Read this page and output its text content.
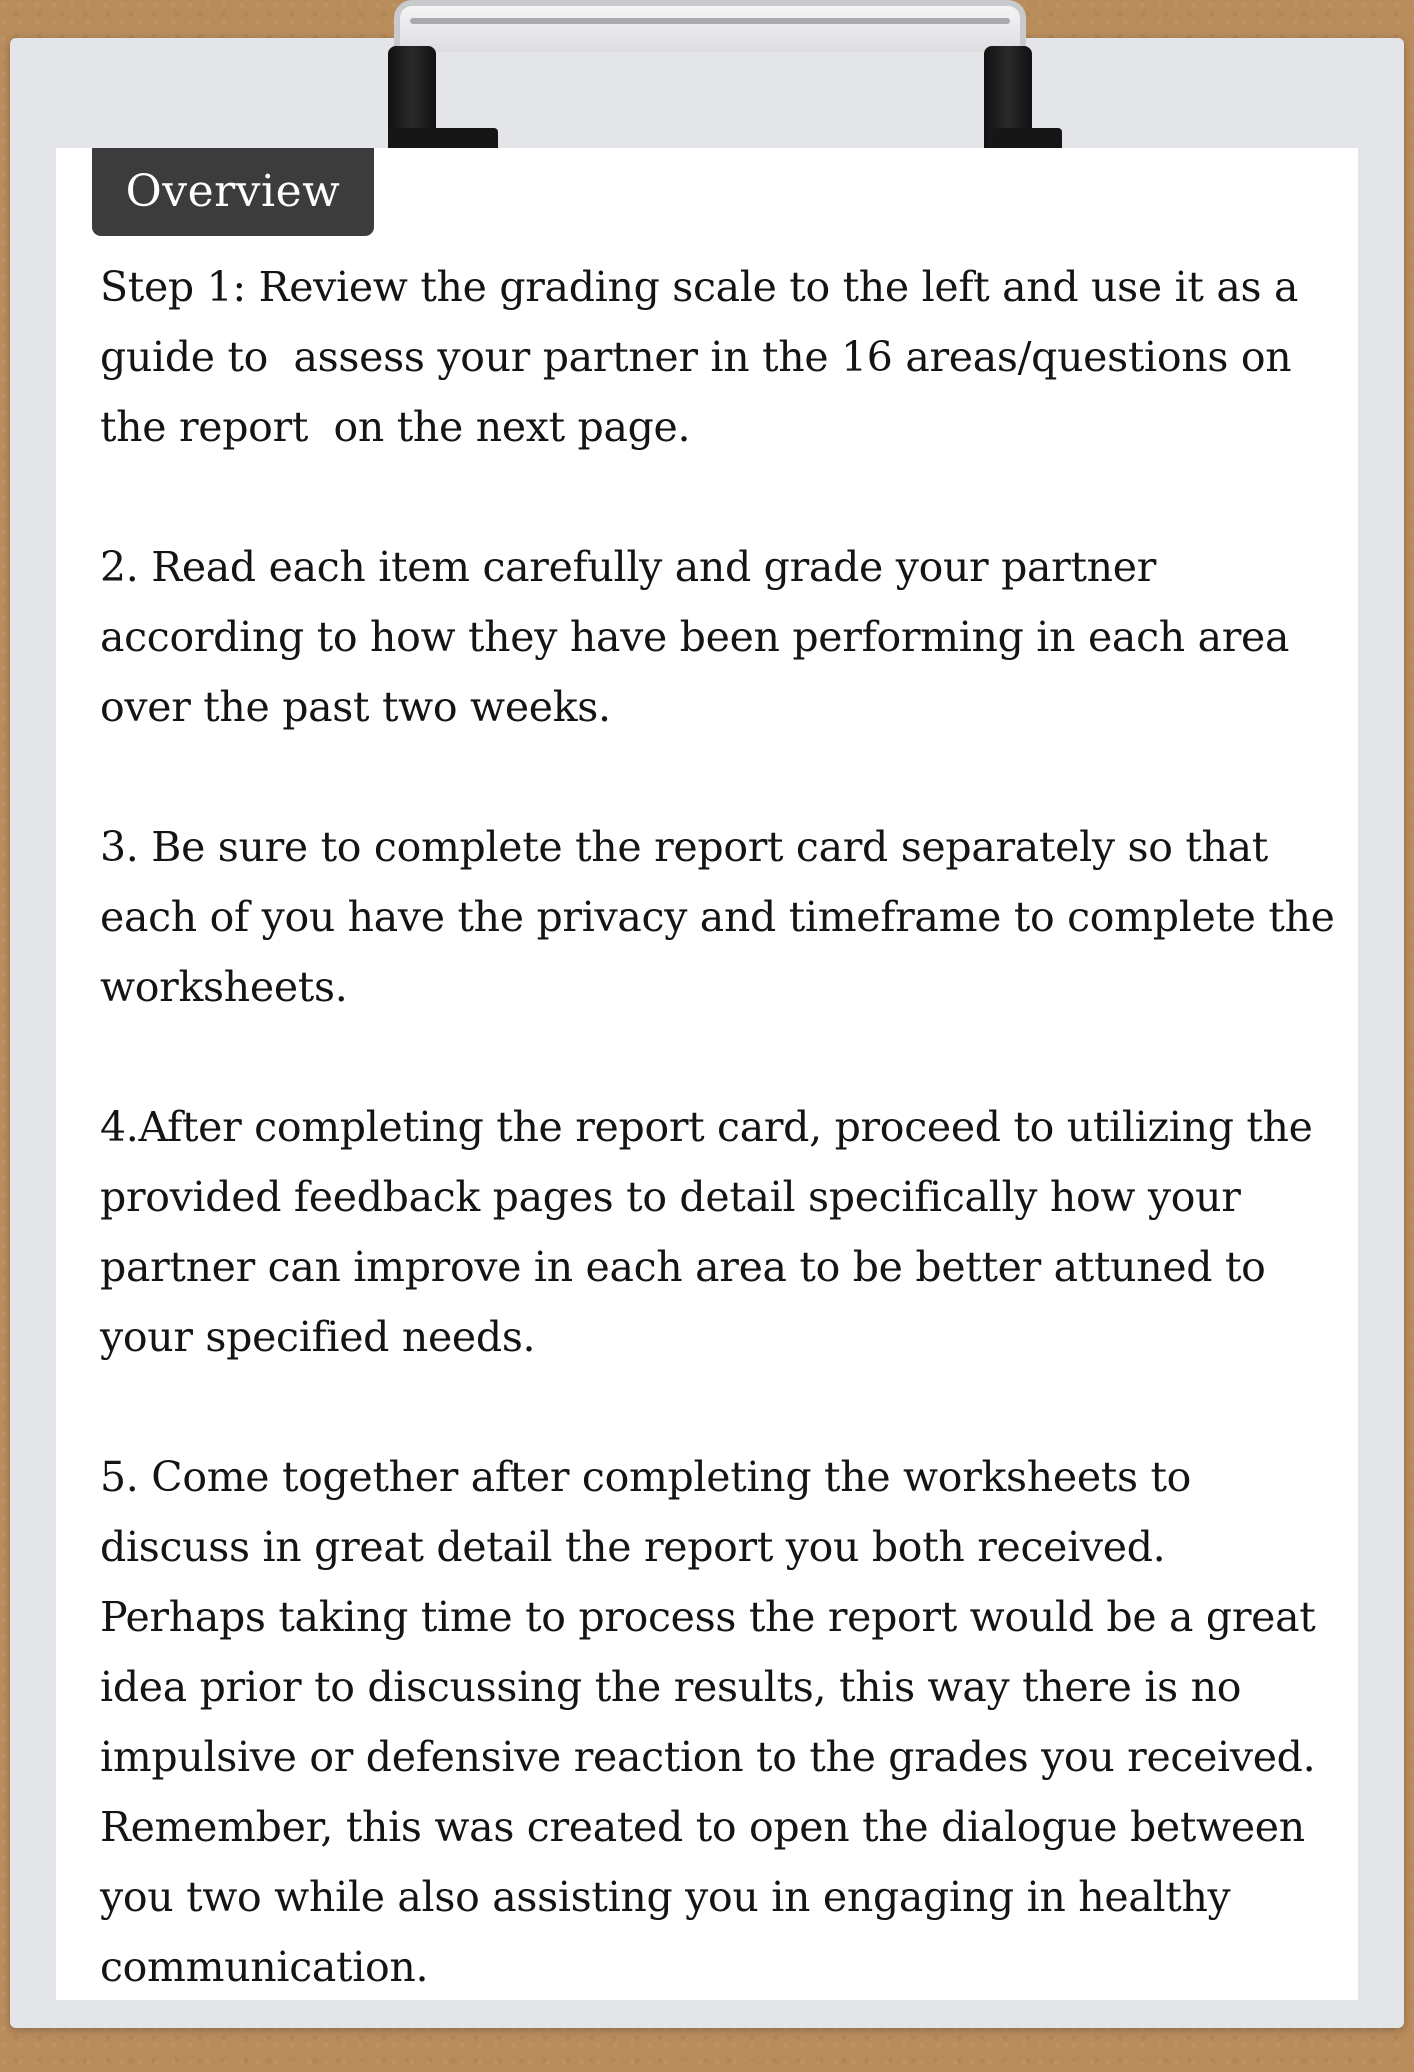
Overview

Step 1: Review the grading scale to the left and use it as a guide to  assess your partner in the 16 areas/questions on the report  on the next page.

2. Read each item carefully and grade your partner according to how they have been performing in each area over the past two weeks.

3. Be sure to complete the report card separately so that each of you have the privacy and timeframe to complete the worksheets.

4.After completing the report card, proceed to utilizing the provided feedback pages to detail specifically how your partner can improve in each area to be better attuned to your specified needs.

5. Come together after completing the worksheets to discuss in great detail the report you both received. Perhaps taking time to process the report would be a great idea prior to discussing the results, this way there is no impulsive or defensive reaction to the grades you received. Remember, this was created to open the dialogue between you two while also assisting you in engaging in healthy communication.
